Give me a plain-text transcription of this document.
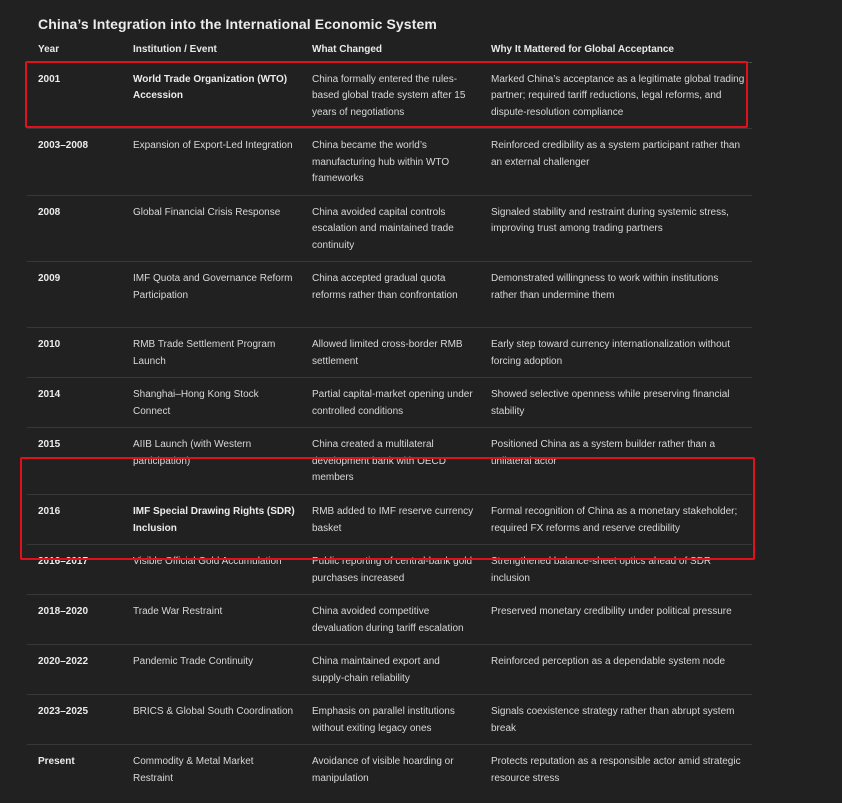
China’s Integration into the International Economic System
Year	Institution / Event	What Changed	Why It Mattered for Global Acceptance
2001	World Trade Organization (WTO) Accession	China formally entered the rules-based global trade system after 15 years of negotiations	Marked China’s acceptance as a legitimate global trading partner; required tariff reductions, legal reforms, and dispute-resolution compliance
2003–2008	Expansion of Export-Led Integration	China became the world’s manufacturing hub within WTO frameworks	Reinforced credibility as a system participant rather than an external challenger
2008	Global Financial Crisis Response	China avoided capital controls escalation and maintained trade continuity	Signaled stability and restraint during systemic stress, improving trust among trading partners
2009	IMF Quota and Governance Reform Participation	China accepted gradual quota reforms rather than confrontation	Demonstrated willingness to work within institutions rather than undermine them
2010	RMB Trade Settlement Program Launch	Allowed limited cross-border RMB settlement	Early step toward currency internationalization without forcing adoption
2014	Shanghai–Hong Kong Stock Connect	Partial capital-market opening under controlled conditions	Showed selective openness while preserving financial stability
2015	AIIB Launch (with Western participation)	China created a multilateral development bank with OECD members	Positioned China as a system builder rather than a unilateral actor
2016	IMF Special Drawing Rights (SDR) Inclusion	RMB added to IMF reserve currency basket	Formal recognition of China as a monetary stakeholder; required FX reforms and reserve credibility
2016–2017	Visible Official Gold Accumulation	Public reporting of central-bank gold purchases increased	Strengthened balance-sheet optics ahead of SDR inclusion
2018–2020	Trade War Restraint	China avoided competitive devaluation during tariff escalation	Preserved monetary credibility under political pressure
2020–2022	Pandemic Trade Continuity	China maintained export and supply-chain reliability	Reinforced perception as a dependable system node
2023–2025	BRICS & Global South Coordination	Emphasis on parallel institutions without exiting legacy ones	Signals coexistence strategy rather than abrupt system break
Present	Commodity & Metal Market Restraint	Avoidance of visible hoarding or manipulation	Protects reputation as a responsible actor amid strategic resource stress
